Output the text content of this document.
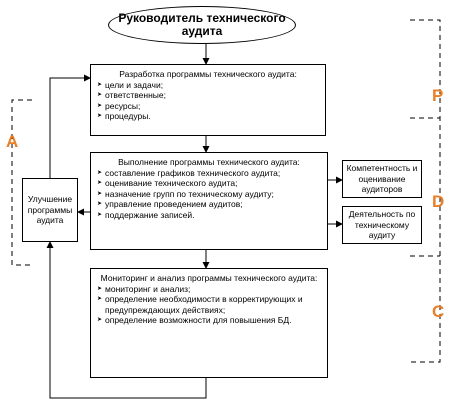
Руководитель технического аудита
Разработка программы технического аудита:
➤ цели и задачи;
➤ ответственные;
➤ ресурсы;
➤ процедуры.
Выполнение программы технического аудита:
➤ составление графиков технического аудита;
➤ оценивание технического аудита;
➤ назначение групп по техническому аудиту;
➤ управление проведением аудитов;
➤ поддержание записей.
Мониторинг и анализ программы технического аудита:
➤ мониторинг и анализ;
➤ определение необходимости в корректирующих и предупреждающих действиях;
➤ определение возможности для повышения БД.
Улучшение программы аудита
Компетентность и оценивание аудиторов
Деятельность по техническому аудиту
A
P
D
C
